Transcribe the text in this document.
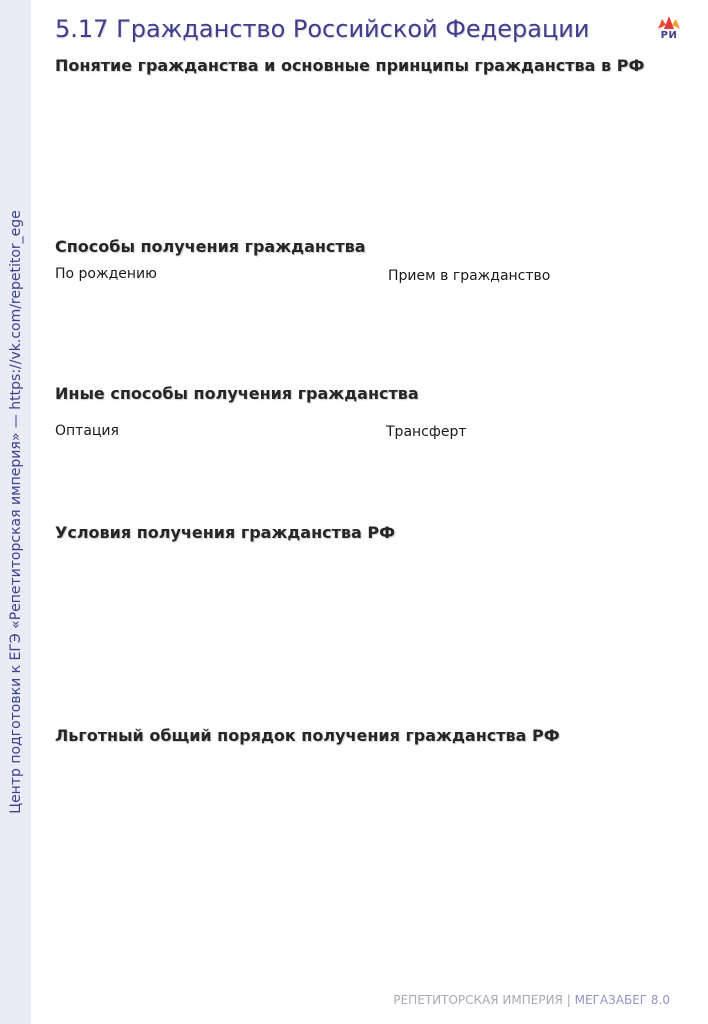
Центр подготовки к ЕГЭ «Репетиторская империя» — https://vk.com/repetitor_ege
5.17 Гражданство Российской Федерации	РИ
Понятие гражданства и основные принципы гражданства в РФ
Способы получения гражданства
По рождению	Прием в гражданство
Иные способы получения гражданства
Оптация	Трансферт
Условия получения гражданства РФ
Льготный общий порядок получения гражданства РФ
РЕПЕТИТОРСКАЯ ИМПЕРИЯ | МЕГАЗАБЕГ 8.0
